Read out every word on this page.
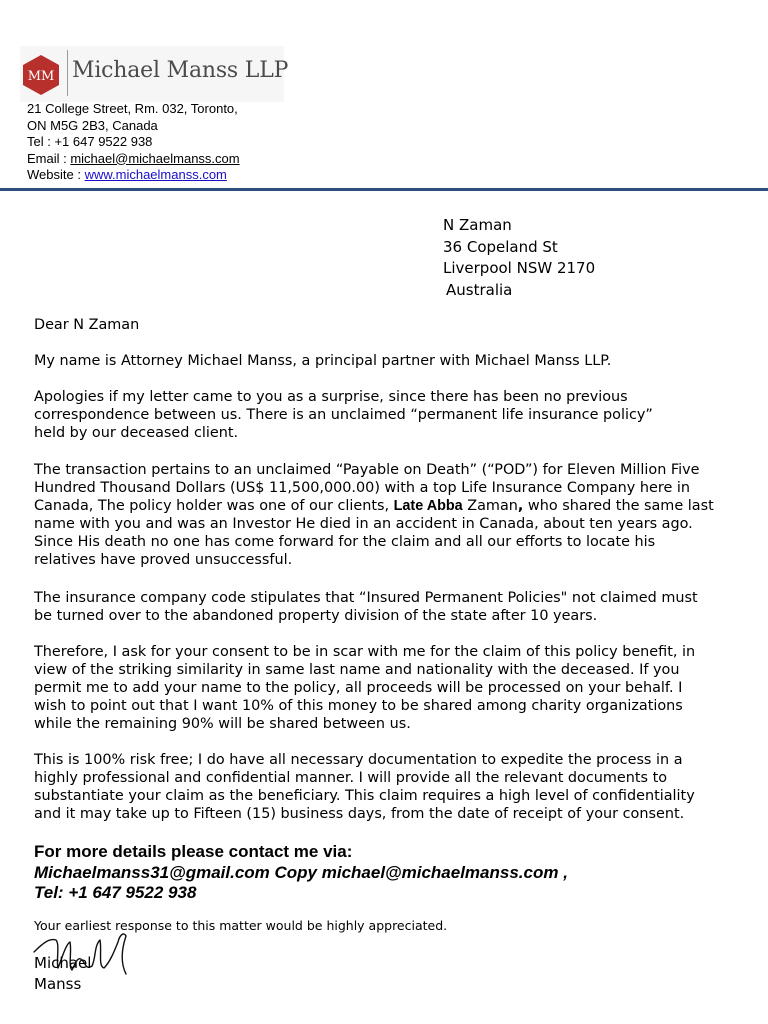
MM Michael Manss LLP
21 College Street, Rm. 032, Toronto,
ON M5G 2B3, Canada
Tel : +1 647 9522 938
Email : michael@michaelmanss.com
Website : www.michaelmanss.com
N Zaman
36 Copeland St
Liverpool NSW 2170
Australia

Dear N Zaman

My name is Attorney Michael Manss, a principal partner with Michael Manss LLP.

Apologies if my letter came to you as a surprise, since there has been no previous
correspondence between us. There is an unclaimed “permanent life insurance policy”
held by our deceased client.
The transaction pertains to an unclaimed “Payable on Death” (“POD”) for Eleven Million Five
Hundred Thousand Dollars (US$ 11,500,000.00) with a top Life Insurance Company here in
Canada, The policy holder was one of our clients, Late Abba Zaman, who shared the same last
name with you and was an Investor He died in an accident in Canada, about ten years ago.
Since His death no one has come forward for the claim and all our efforts to locate his
relatives have proved unsuccessful.
The insurance company code stipulates that “Insured Permanent Policies" not claimed must
be turned over to the abandoned property division of the state after 10 years.
Therefore, I ask for your consent to be in scar with me for the claim of this policy benefit, in
view of the striking similarity in same last name and nationality with the deceased. If you
permit me to add your name to the policy, all proceeds will be processed on your behalf. I
wish to point out that I want 10% of this money to be shared among charity organizations
while the remaining 90% will be shared between us.
This is 100% risk free; I do have all necessary documentation to expedite the process in a
highly professional and confidential manner. I will provide all the relevant documents to
substantiate your claim as the beneficiary. This claim requires a high level of confidentiality
and it may take up to Fifteen (15) business days, from the date of receipt of your consent.
For more details please contact me via:
Michaelmanss31@gmail.com Copy michael@michaelmanss.com ,
Tel: +1 647 9522 938
Your earliest response to this matter would be highly appreciated.
Michael
Manss
